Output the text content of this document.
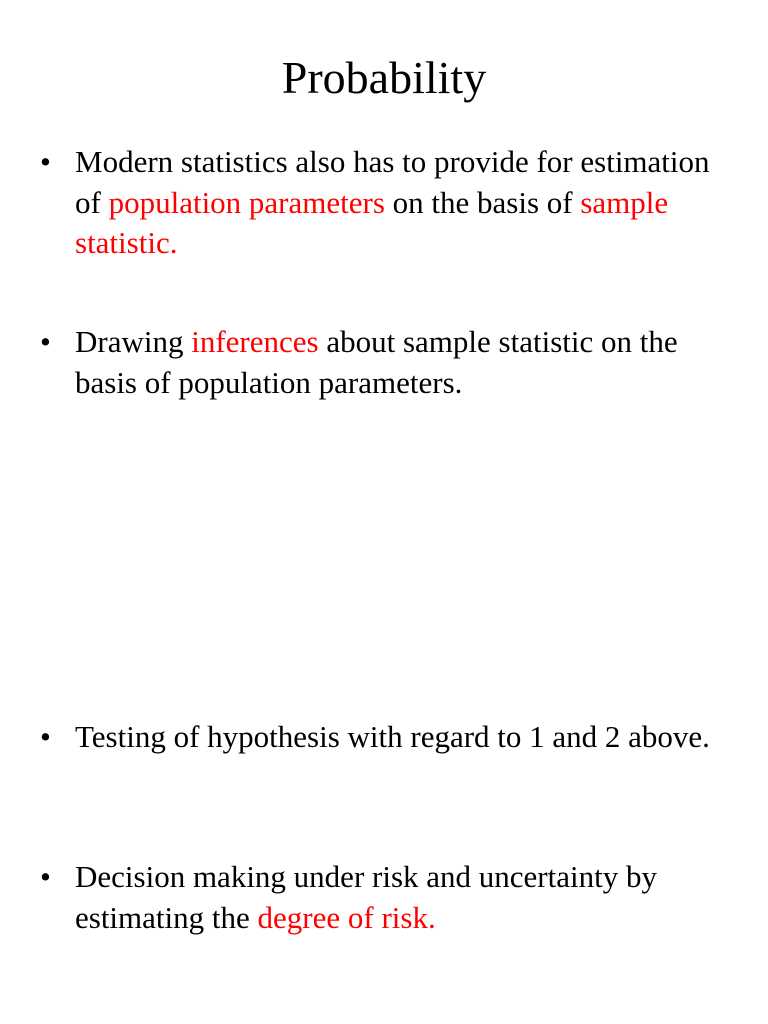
Probability
• Modern statistics also has to provide for estimation of population parameters on the basis of sample statistic.
• Drawing inferences about sample statistic on the basis of population parameters.
• Testing of hypothesis with regard to 1 and 2 above.
• Decision making under risk and uncertainty by estimating the degree of risk.
